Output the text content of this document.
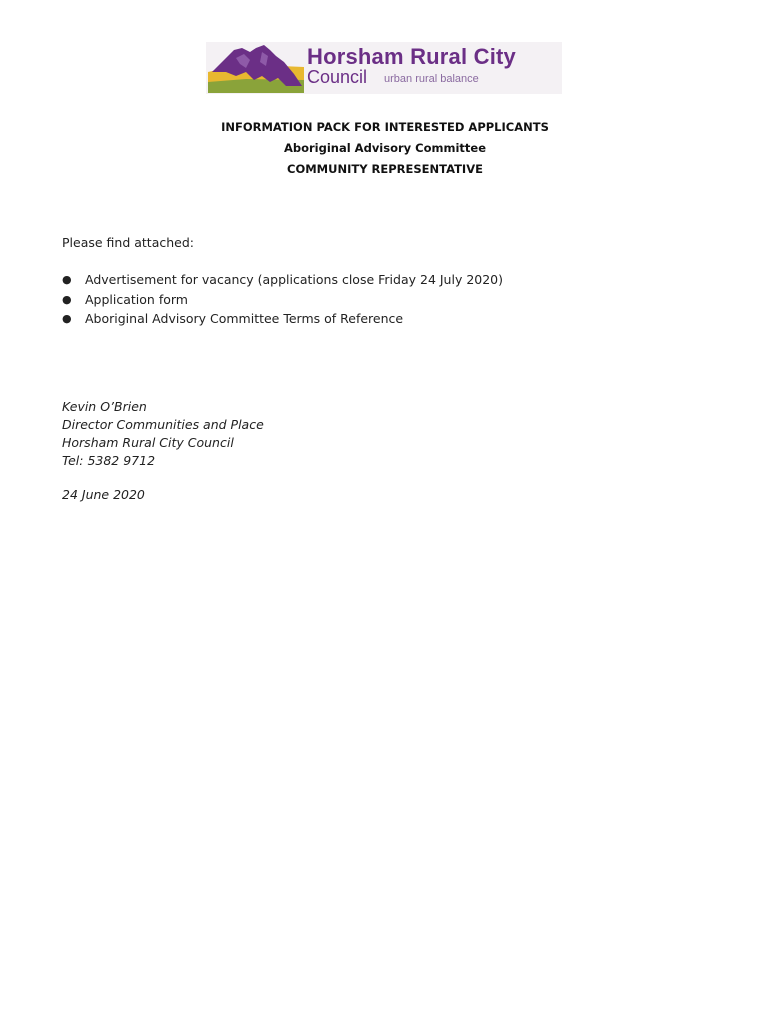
Horsham Rural City
Council urban rural balance
INFORMATION PACK FOR INTERESTED APPLICANTS
Aboriginal Advisory Committee
COMMUNITY REPRESENTATIVE
Please find attached:
● Advertisement for vacancy (applications close Friday 24 July 2020)
● Application form
● Aboriginal Advisory Committee Terms of Reference
Kevin O’Brien
Director Communities and Place
Horsham Rural City Council
Tel: 5382 9712
24 June 2020
